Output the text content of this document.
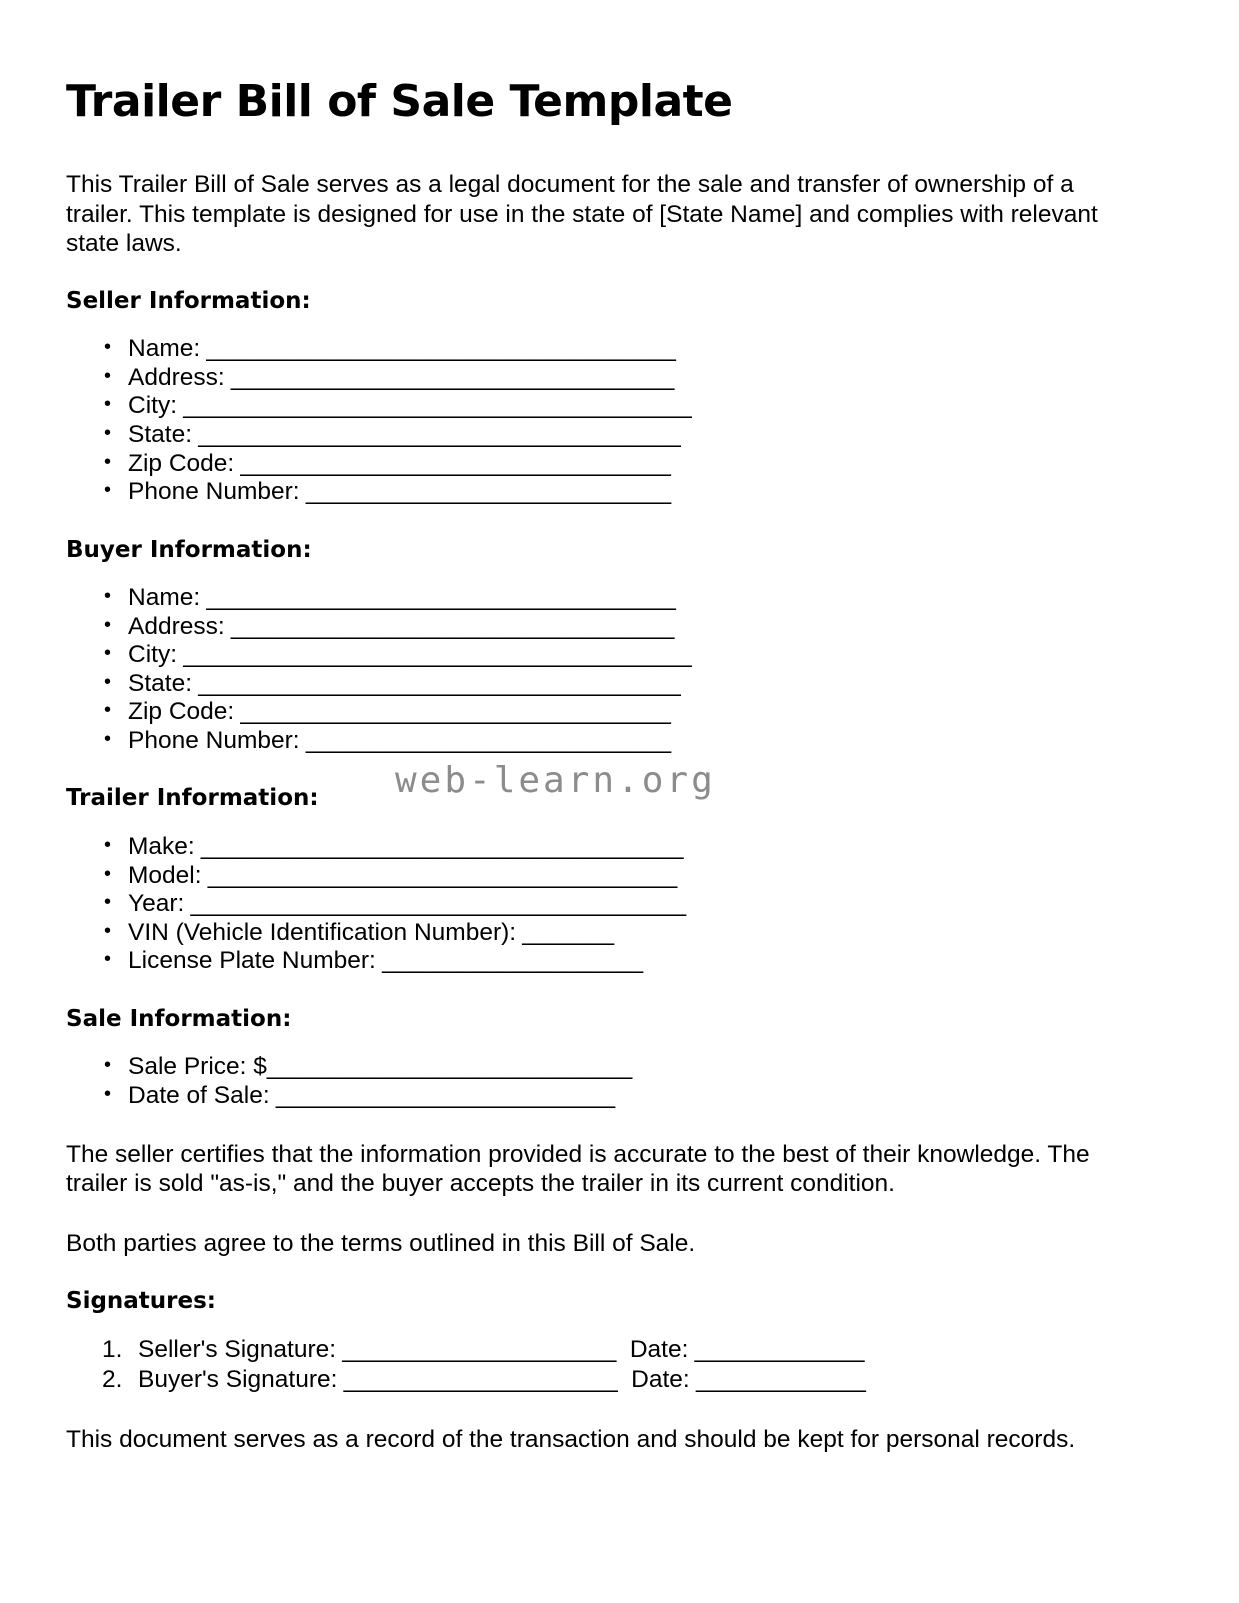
Trailer Bill of Sale Template

This Trailer Bill of Sale serves as a legal document for the sale and transfer of ownership of a trailer. This template is designed for use in the state of [State Name] and complies with relevant state laws.

Seller Information:
• Name: ____________________________________
• Address: __________________________________
• City: _______________________________________
• State: _____________________________________
• Zip Code: _________________________________
• Phone Number: ____________________________
Buyer Information:
• Name: ____________________________________
• Address: __________________________________
• City: _______________________________________
• State: _____________________________________
• Zip Code: _________________________________
• Phone Number: ____________________________
Trailer Information:
• Make: _____________________________________
• Model: ____________________________________
• Year: ______________________________________
• VIN (Vehicle Identification Number): _______
• License Plate Number: ____________________
Sale Information:
• Sale Price: $____________________________
• Date of Sale: __________________________

The seller certifies that the information provided is accurate to the best of their knowledge. The trailer is sold "as-is," and the buyer accepts the trailer in its current condition.

Both parties agree to the terms outlined in this Bill of Sale.

Signatures:
Seller's Signature: _____________________ Date: _____________
Buyer's Signature: _____________________ Date: _____________

This document serves as a record of the transaction and should be kept for personal records.

web-learn.org
